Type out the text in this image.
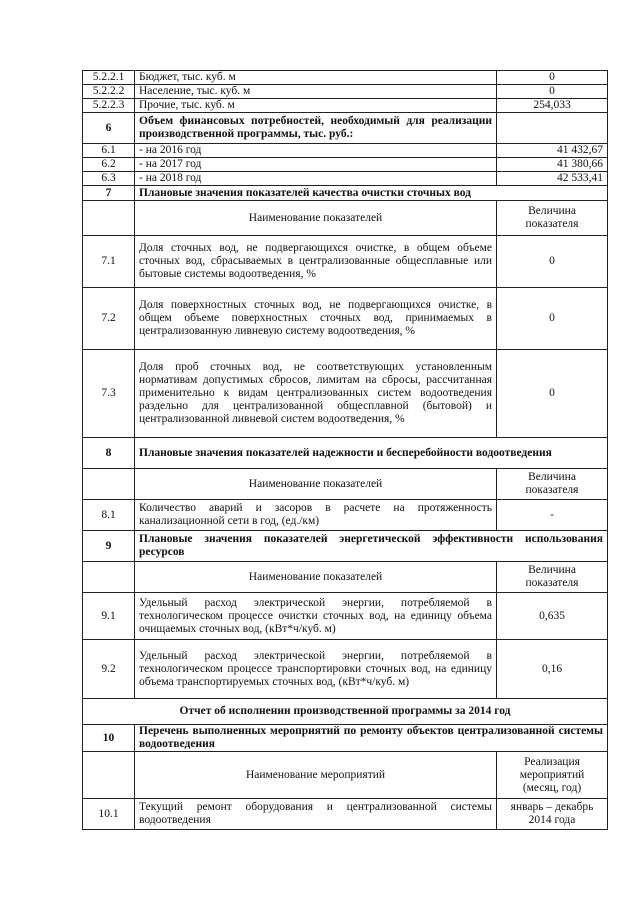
5.2.2.1	Бюджет, тыс. куб. м	0
5.2.2.2	Население, тыс. куб. м	0
5.2.2.3	Прочие, тыс. куб. м	254,033
6	Объем финансовых потребностей, необходимый для реализации производственной программы, тыс. руб.:	
6.1	- на 2016 год	41 432,67
6.2	- на 2017 год	41 380,66
6.3	- на 2018 год	42 533,41
7	Плановые значения показателей качества очистки сточных вод	
	Наименование показателей	Величина показателя
7.1	Доля сточных вод, не подвергающихся очистке, в общем объеме сточных вод, сбрасываемых в централизованные общесплавные или бытовые системы водоотведения, %	0
7.2	Доля поверхностных сточных вод, не подвергающихся очистке, в общем объеме поверхностных сточных вод, принимаемых в централизованную ливневую систему водоотведения, %	0
7.3	Доля проб сточных вод, не соответствующих установленным нормативам допустимых сбросов, лимитам на сбросы, рассчитанная применительно к видам централизованных систем водоотведения раздельно для централизованной общесплавной (бытовой) и централизованной ливневой систем водоотведения, %	0
8	Плановые значения показателей надежности и бесперебойности водоотведения	
	Наименование показателей	Величина показателя
8.1	Количество аварий и засоров в расчете на протяженность канализационной сети в год, (ед./км)	-
9	Плановые значения показателей энергетической эффективности использования ресурсов	
	Наименование показателей	Величина показателя
9.1	Удельный расход электрической энергии, потребляемой в технологическом процессе очистки сточных вод, на единицу объема очищаемых сточных вод, (кВт*ч/куб. м)	0,635
9.2	Удельный расход электрической энергии, потребляемой в технологическом процессе транспортировки сточных вод, на единицу объема транспортируемых сточных вод, (кВт*ч/куб. м)	0,16
Отчет об исполнении производственной программы за 2014 год		
10	Перечень выполненных мероприятий по ремонту объектов централизованной системы водоотведения	
	Наименование мероприятий	Реализация мероприятий (месяц, год)
10.1	Текущий ремонт оборудования и централизованной системы водоотведения	январь – декабрь 2014 года
